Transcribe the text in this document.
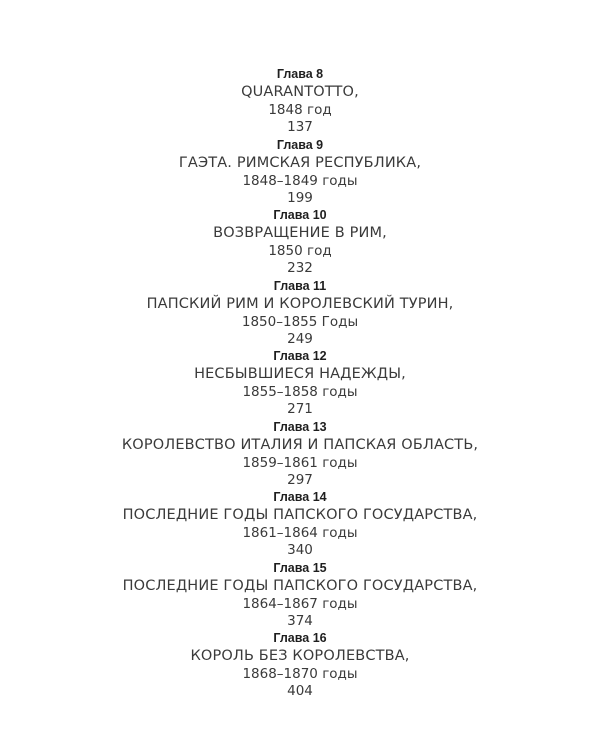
Глава 8
QUARANTOTTO,
1848 год
137
Глава 9
ГАЭТА. РИМСКАЯ РЕСПУБЛИКА,
1848–1849 годы
199
Глава 10
ВОЗВРАЩЕНИЕ В РИМ,
1850 год
232
Глава 11
ПАПСКИЙ РИМ И КОРОЛЕВСКИЙ ТУРИН,
1850–1855 Годы
249
Глава 12
НЕСБЫВШИЕСЯ НАДЕЖДЫ,
1855–1858 годы
271
Глава 13
КОРОЛЕВСТВО ИТАЛИЯ И ПАПСКАЯ ОБЛАСТЬ,
1859–1861 годы
297
Глава 14
ПОСЛЕДНИЕ ГОДЫ ПАПСКОГО ГОСУДАРСТВА,
1861–1864 годы
340
Глава 15
ПОСЛЕДНИЕ ГОДЫ ПАПСКОГО ГОСУДАРСТВА,
1864–1867 годы
374
Глава 16
КОРОЛЬ БЕЗ КОРОЛЕВСТВА,
1868–1870 годы
404
